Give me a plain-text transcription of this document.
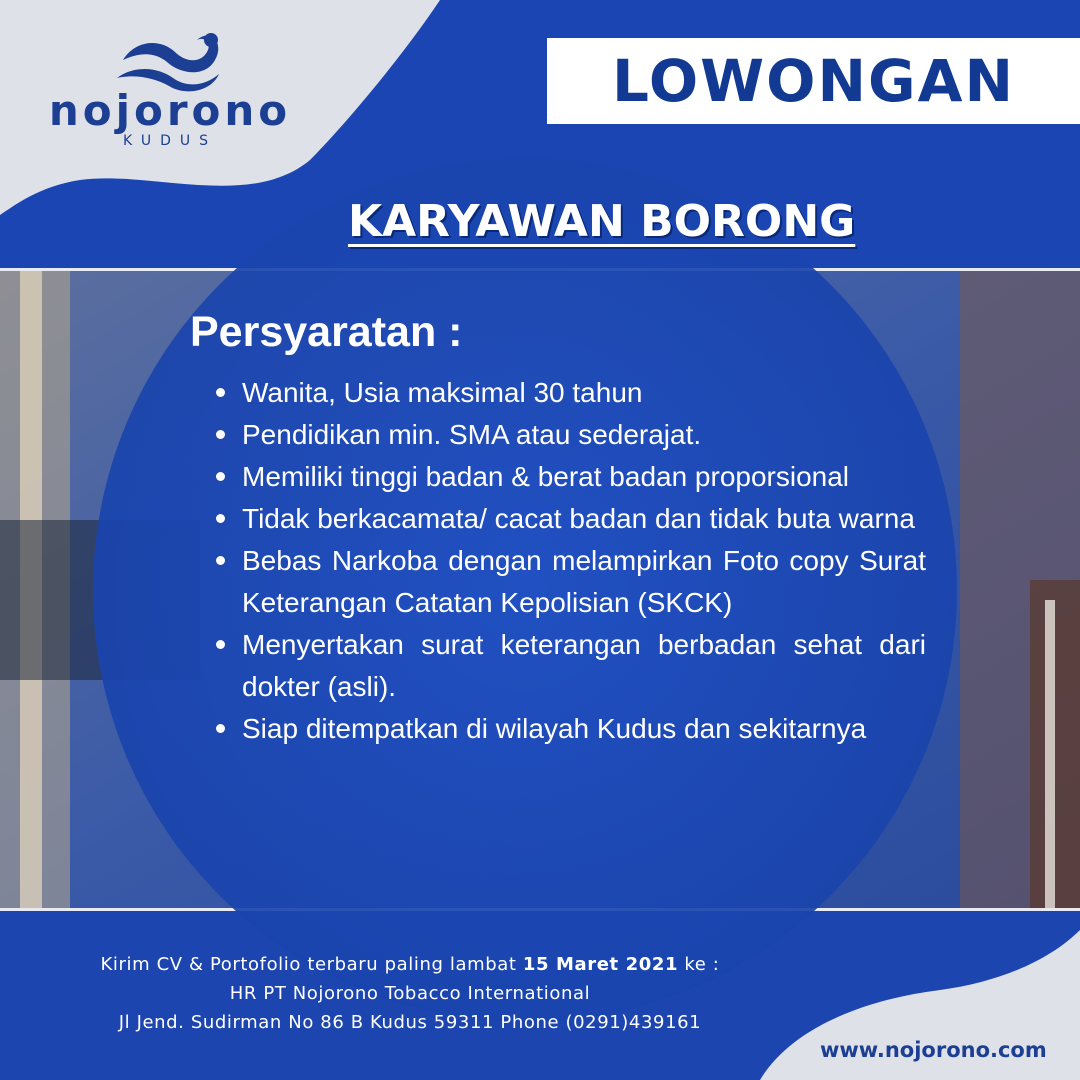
nojorono
KUDUS
LOWONGAN
KARYAWAN BORONG
Persyaratan :
Wanita, Usia maksimal 30 tahun
Pendidikan min. SMA atau sederajat.
Memiliki tinggi badan & berat badan proporsional
Tidak berkacamata/ cacat badan dan tidak buta warna
Bebas Narkoba dengan melampirkan Foto copy Surat Keterangan Catatan Kepolisian (SKCK)
Menyertakan surat keterangan berbadan sehat dari dokter (asli).
Siap ditempatkan di wilayah Kudus dan sekitarnya
Kirim CV & Portofolio terbaru paling lambat 15 Maret 2021 ke :
HR PT Nojorono Tobacco International
Jl Jend. Sudirman No 86 B Kudus 59311 Phone (0291)439161
www.nojorono.com
